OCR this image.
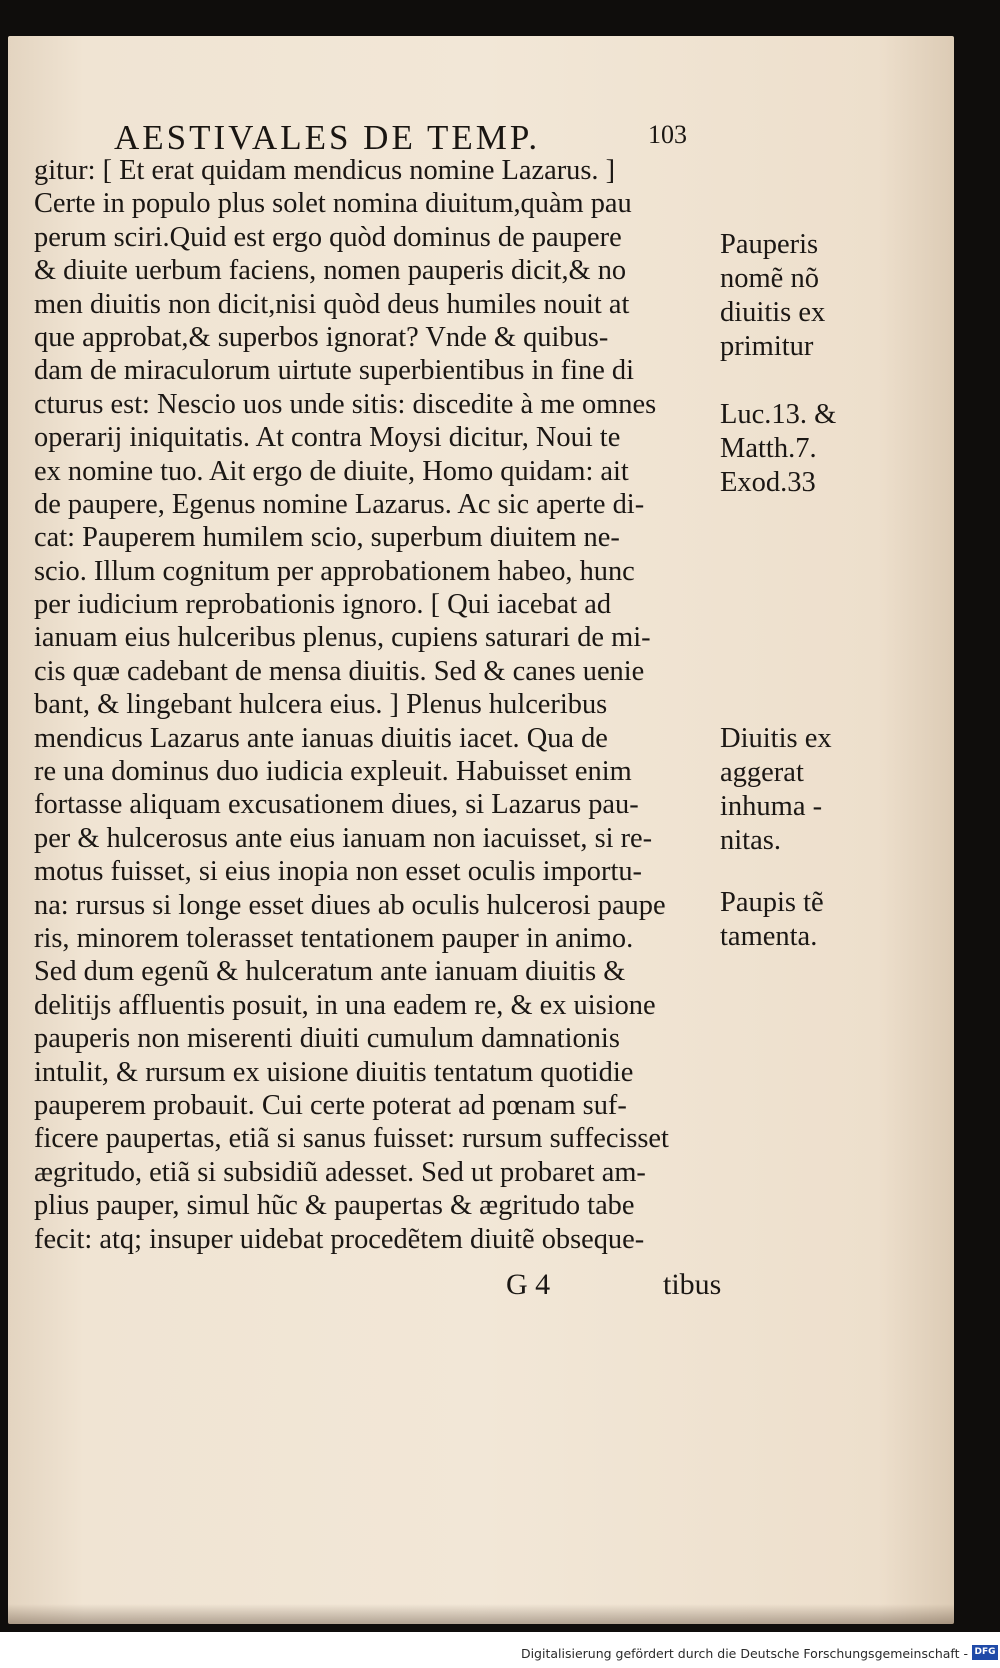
AESTIVALES DE TEMP.	103
gitur: [ Et erat quidam mendicus nomine Lazarus. ]
Certe in populo plus solet nomina diuitum,quàm pau
perum sciri.Quid est ergo quòd dominus de paupere
& diuite uerbum faciens, nomen pauperis dicit,& no
men diuitis non dicit,nisi quòd deus humiles nouit at
que approbat,& superbos ignorat? Vnde & quibus-
dam de miraculorum uirtute superbientibus in fine di
cturus est: Nescio uos unde sitis: discedite à me omnes
operarij iniquitatis. At contra Moysi dicitur, Noui te
ex nomine tuo. Ait ergo de diuite, Homo quidam: ait
de paupere, Egenus nomine Lazarus. Ac sic aperte di-
cat: Pauperem humilem scio, superbum diuitem ne-
scio. Illum cognitum per approbationem habeo, hunc
per iudicium reprobationis ignoro. [ Qui iacebat ad
ianuam eius hulceribus plenus, cupiens saturari de mi-
cis quæ cadebant de mensa diuitis. Sed & canes uenie
bant, & lingebant hulcera eius. ] Plenus hulceribus
mendicus Lazarus ante ianuas diuitis iacet. Qua de
re una dominus duo iudicia expleuit. Habuisset enim
fortasse aliquam excusationem diues, si Lazarus pau-
per & hulcerosus ante eius ianuam non iacuisset, si re-
motus fuisset, si eius inopia non esset oculis importu-
na: rursus si longe esset diues ab oculis hulcerosi paupe
ris, minorem tolerasset tentationem pauper in animo.
Sed dum egenũ & hulceratum ante ianuam diuitis &
delitijs affluentis posuit, in una eadem re, & ex uisione
pauperis non miserenti diuiti cumulum damnationis
intulit, & rursum ex uisione diuitis tentatum quotidie
pauperem probauit. Cui certe poterat ad pœnam suf-
ficere paupertas, etiã si sanus fuisset: rursum suffecisset
ægritudo, etiã si subsidiũ adesset. Sed ut probaret am-
plius pauper, simul hũc & paupertas & ægritudo tabe
fecit: atq; insuper uidebat procedẽtem diuitẽ obseque-
Pauperis
nomẽ nõ
diuitis ex
primitur
Luc.13. &
Matth.7.
Exod.33
Diuitis ex
aggerat
inhuma -
nitas.
Paupis tẽ
tamenta.
G 4	tibus
Digitalisierung gefördert durch die Deutsche Forschungsgemeinschaft - DFG
